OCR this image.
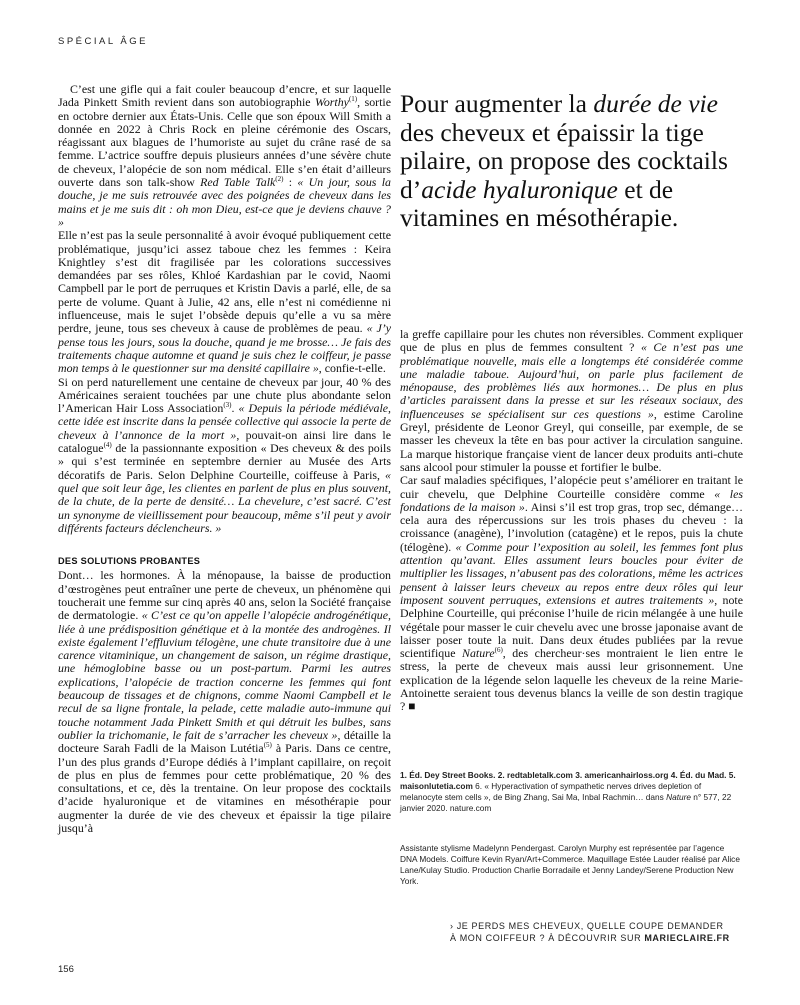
SPÉCIAL ÂGE

C’est une gifle qui a fait couler beaucoup d’encre, et sur laquelle Jada Pinkett Smith revient dans son autobiographie Worthy$^{(1)}$, sortie en octobre dernier aux États-Unis. Celle que son époux Will Smith a donnée en 2022 à Chris Rock en pleine cérémonie des Oscars, réagissant aux blagues de l’humoriste au sujet du crâne rasé de sa femme. L’actrice souffre depuis plusieurs années d’une sévère chute de cheveux, l’alopécie de son nom médical. Elle s’en était d’ailleurs ouverte dans son talk-show Red Table Talk$^{(2)}$ : « Un jour, sous la douche, je me suis retrouvée avec des poignées de cheveux dans les mains et je me suis dit : oh mon Dieu, est-ce que je deviens chauve ? »

Elle n’est pas la seule personnalité à avoir évoqué publiquement cette problématique, jusqu’ici assez taboue chez les femmes : Keira Knightley s’est dit fragilisée par les colorations successives demandées par ses rôles, Khloé Kardashian par le covid, Naomi Campbell par le port de perruques et Kristin Davis a parlé, elle, de sa perte de volume. Quant à Julie, 42 ans, elle n’est ni comédienne ni influenceuse, mais le sujet l’obsède depuis qu’elle a vu sa mère perdre, jeune, tous ses cheveux à cause de problèmes de peau. « J’y pense tous les jours, sous la douche, quand je me brosse… Je fais des traitements chaque automne et quand je suis chez le coiffeur, je passe mon temps à le questionner sur ma densité capillaire », confie-t-elle.

Si on perd naturellement une centaine de cheveux par jour, 40 % des Américaines seraient touchées par une chute plus abondante selon l’American Hair Loss Association$^{(3)}$. « Depuis la période médiévale, cette idée est inscrite dans la pensée collective qui associe la perte de cheveux à l’annonce de la mort », pouvait-on ainsi lire dans le catalogue$^{(4)}$ de la passionnante exposition « Des cheveux & des poils » qui s’est terminée en septembre dernier au Musée des Arts décoratifs de Paris. Selon Delphine Courteille, coiffeuse à Paris, « quel que soit leur âge, les clientes en parlent de plus en plus souvent, de la chute, de la perte de densité… La chevelure, c’est sacré. C’est un synonyme de vieillissement pour beaucoup, même s’il peut y avoir différents facteurs déclencheurs. »

DES SOLUTIONS PROBANTES

Dont… les hormones. À la ménopause, la baisse de production d’œstrogènes peut entraîner une perte de cheveux, un phénomène qui toucherait une femme sur cinq après 40 ans, selon la Société française de dermatologie. « C’est ce qu’on appelle l’alopécie androgénétique, liée à une prédisposition génétique et à la montée des androgènes. Il existe également l’effluvium télogène, une chute transitoire due à une carence vitaminique, un changement de saison, un régime drastique, une hémoglobine basse ou un post-partum. Parmi les autres explications, l’alopécie de traction concerne les femmes qui font beaucoup de tissages et de chignons, comme Naomi Campbell et le recul de sa ligne frontale, la pelade, cette maladie auto-immune qui touche notamment Jada Pinkett Smith et qui détruit les bulbes, sans oublier la trichomanie, le fait de s’arracher les cheveux », détaille la docteure Sarah Fadli de la Maison Lutétia$^{(5)}$ à Paris. Dans ce centre, l’un des plus grands d’Europe dédiés à l’implant capillaire, on reçoit de plus en plus de femmes pour cette problématique, 20 % des consultations, et ce, dès la trentaine. On leur propose des cocktails d’acide hyaluronique et de vitamines en mésothérapie pour augmenter la durée de vie des cheveux et épaissir la tige pilaire jusqu’à

Pour augmenter la durée de vie des cheveux et épaissir la tige pilaire, on propose des cocktails d’acide hyaluronique et de vitamines en mésothérapie.

la greffe capillaire pour les chutes non réversibles. Comment expliquer que de plus en plus de femmes consultent ? « Ce n’est pas une problématique nouvelle, mais elle a longtemps été considérée comme une maladie taboue. Aujourd’hui, on parle plus facilement de ménopause, des problèmes liés aux hormones… De plus en plus d’articles paraissent dans la presse et sur les réseaux sociaux, des influenceuses se spécialisent sur ces questions », estime Caroline Greyl, présidente de Leonor Greyl, qui conseille, par exemple, de se masser les cheveux la tête en bas pour activer la circulation sanguine. La marque historique française vient de lancer deux produits anti-chute sans alcool pour stimuler la pousse et fortifier le bulbe.

Car sauf maladies spécifiques, l’alopécie peut s’améliorer en traitant le cuir chevelu, que Delphine Courteille considère comme « les fondations de la maison ». Ainsi s’il est trop gras, trop sec, démange… cela aura des répercussions sur les trois phases du cheveu : la croissance (anagène), l’involution (catagène) et le repos, puis la chute (télogène). « Comme pour l’exposition au soleil, les femmes font plus attention qu’avant. Elles assument leurs boucles pour éviter de multiplier les lissages, n’abusent pas des colorations, même les actrices pensent à laisser leurs cheveux au repos entre deux rôles qui leur imposent souvent perruques, extensions et autres traitements », note Delphine Courteille, qui préconise l’huile de ricin mélangée à une huile végétale pour masser le cuir chevelu avec une brosse japonaise avant de laisser poser toute la nuit. Dans deux études publiées par la revue scientifique Nature$^{(6)}$, des chercheur·ses montraient le lien entre le stress, la perte de cheveux mais aussi leur grisonnement. Une explication de la légende selon laquelle les cheveux de la reine Marie- Antoinette seraient tous devenus blancs la veille de son destin tragique ? ■

1. Éd. Dey Street Books. 2. redtabletalk.com 3. americanhairloss.org 4. Éd. du Mad. 5. maisonlutetia.com 6. « Hyperactivation of sympathetic nerves drives depletion of melanocyte stem cells », de Bing Zhang, Sai Ma, Inbal Rachmin… dans Nature n° 577, 22 janvier 2020. nature.com
Assistante stylisme Madelynn Pendergast. Carolyn Murphy est représentée par l’agence DNA Models. Coiffure Kevin Ryan/Art+Commerce. Maquillage Estée Lauder réalisé par Alice Lane/Kulay Studio. Production Charlie Borradaile et Jenny Landey/Serene Production New York.
› JE PERDS MES CHEVEUX, QUELLE COUPE DEMANDER
À MON COIFFEUR ? À DÉCOUVRIR SUR MARIECLAIRE.FR
156
